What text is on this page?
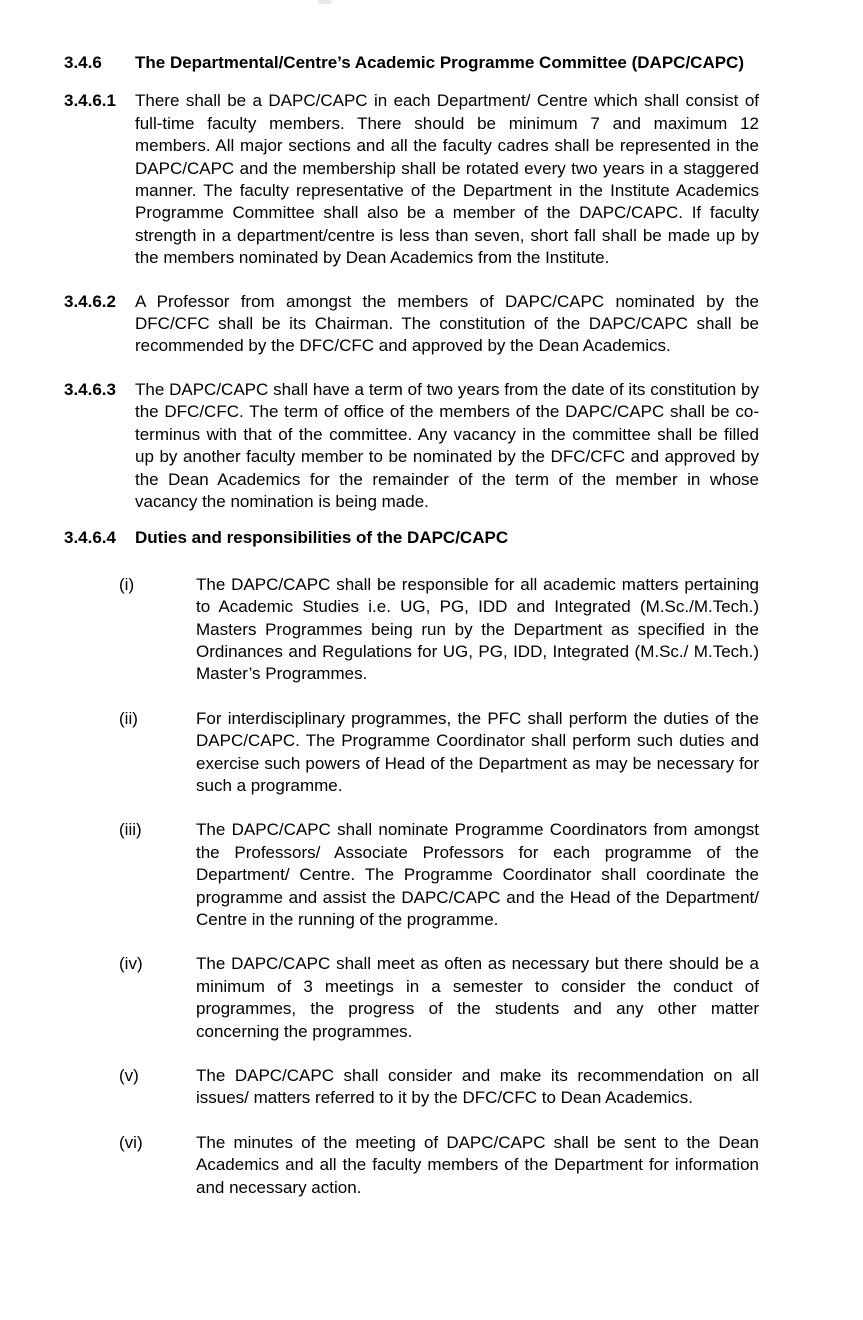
3.4.6	The Departmental/Centre’s Academic Programme Committee (DAPC/CAPC)
3.4.6.1	There shall be a DAPC/CAPC in each Department/ Centre which shall consist of full-time faculty members. There should be minimum 7 and maximum 12 members. All major sections and all the faculty cadres shall be represented in the DAPC/CAPC and the membership shall be rotated every two years in a staggered manner. The faculty representative of the Department in the Institute Academics Programme Committee shall also be a member of the DAPC/CAPC. If faculty strength in a department/centre is less than seven, short fall shall be made up by the members nominated by Dean Academics from the Institute.
3.4.6.2	A Professor from amongst the members of DAPC/CAPC nominated by the DFC/CFC shall be its Chairman. The constitution of the DAPC/CAPC shall be recommended by the DFC/CFC and approved by the Dean Academics.
3.4.6.3	The DAPC/CAPC shall have a term of two years from the date of its constitution by the DFC/CFC. The term of office of the members of the DAPC/CAPC shall be co-terminus with that of the committee. Any vacancy in the committee shall be filled up by another faculty member to be nominated by the DFC/CFC and approved by the Dean Academics for the remainder of the term of the member in whose vacancy the nomination is being made.
3.4.6.4	Duties and responsibilities of the DAPC/CAPC
(i)	The DAPC/CAPC shall be responsible for all academic matters pertaining to Academic Studies i.e. UG, PG, IDD and Integrated (M.Sc./M.Tech.) Masters Programmes being run by the Department as specified in the Ordinances and Regulations for UG, PG, IDD, Integrated (M.Sc./ M.Tech.) Master’s Programmes.
(ii)	For interdisciplinary programmes, the PFC shall perform the duties of the DAPC/CAPC. The Programme Coordinator shall perform such duties and exercise such powers of Head of the Department as may be necessary for such a programme.
(iii)	The DAPC/CAPC shall nominate Programme Coordinators from amongst the Professors/ Associate Professors for each programme of the Department/ Centre. The Programme Coordinator shall coordinate the programme and assist the DAPC/CAPC and the Head of the Department/ Centre in the running of the programme.
(iv)	The DAPC/CAPC shall meet as often as necessary but there should be a minimum of 3 meetings in a semester to consider the conduct of programmes, the progress of the students and any other matter concerning the programmes.
(v)	The DAPC/CAPC shall consider and make its recommendation on all issues/ matters referred to it by the DFC/CFC to Dean Academics.
(vi)	The minutes of the meeting of DAPC/CAPC shall be sent to the Dean Academics and all the faculty members of the Department for information and necessary action.
